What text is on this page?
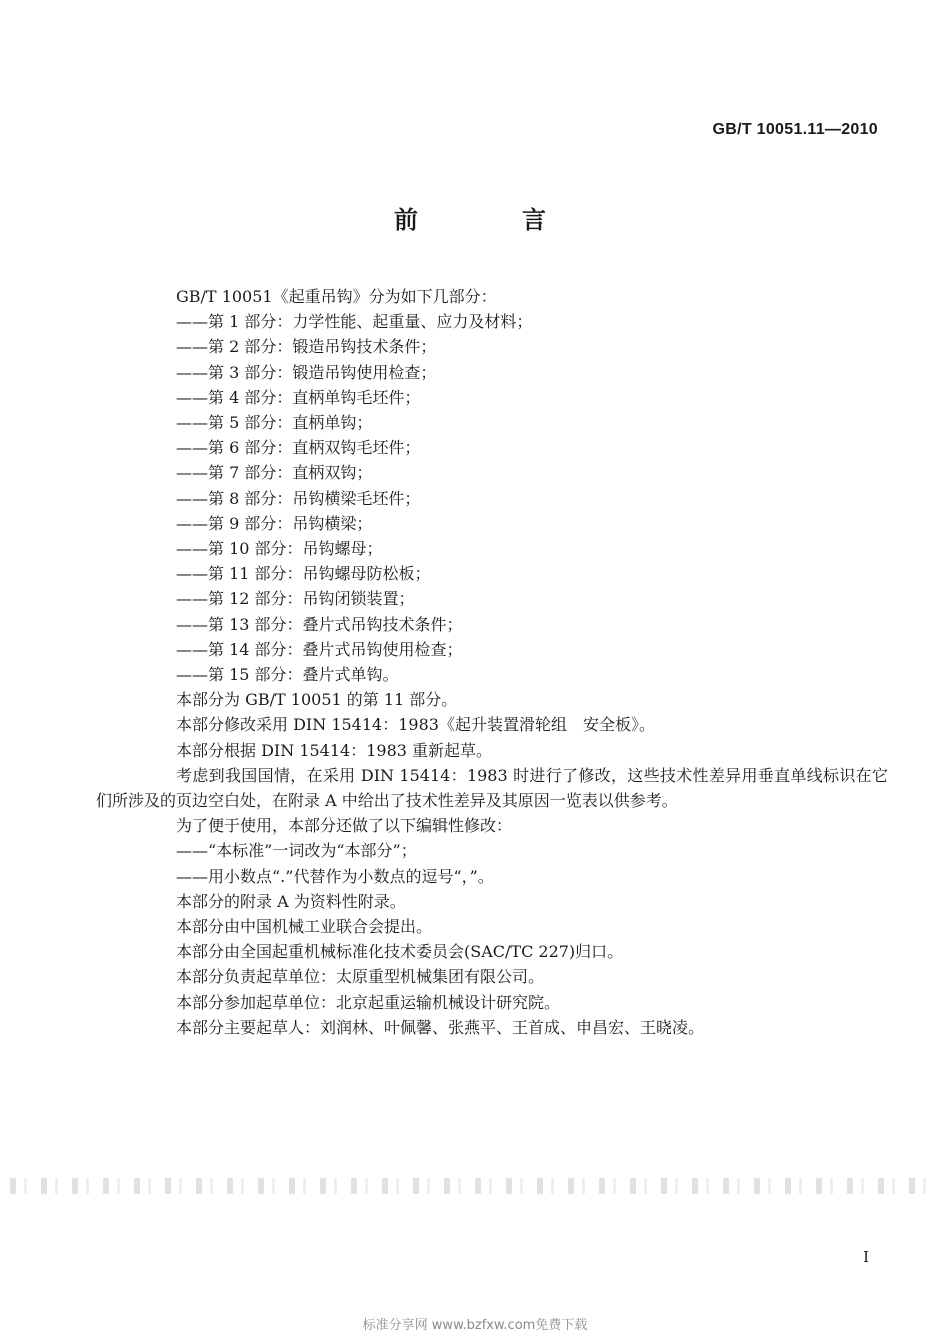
GB/T 10051.11—2010
前　言

GB/T 10051《起重吊钩》分为如下几部分：

——第 1 部分：力学性能、起重量、应力及材料；

——第 2 部分：锻造吊钩技术条件；

——第 3 部分：锻造吊钩使用检查；

——第 4 部分：直柄单钩毛坯件；

——第 5 部分：直柄单钩；

——第 6 部分：直柄双钩毛坯件；

——第 7 部分：直柄双钩；

——第 8 部分：吊钩横梁毛坯件；

——第 9 部分：吊钩横梁；

——第 10 部分：吊钩螺母；

——第 11 部分：吊钩螺母防松板；

——第 12 部分：吊钩闭锁装置；

——第 13 部分：叠片式吊钩技术条件；

——第 14 部分：叠片式吊钩使用检查；

——第 15 部分：叠片式单钩。

本部分为 GB/T 10051 的第 11 部分。

本部分修改采用 DIN 15414：1983《起升装置滑轮组　安全板》。

本部分根据 DIN 15414：1983 重新起草。

考虑到我国国情，在采用 DIN 15414：1983 时进行了修改，这些技术性差异用垂直单线标识在它们所涉及的页边空白处，在附录 A 中给出了技术性差异及其原因一览表以供参考。

为了便于使用，本部分还做了以下编辑性修改：

——“本标准”一词改为“本部分”；

——用小数点“.”代替作为小数点的逗号“，”。

本部分的附录 A 为资料性附录。

本部分由中国机械工业联合会提出。

本部分由全国起重机械标准化技术委员会(SAC/TC 227)归口。

本部分负责起草单位：太原重型机械集团有限公司。

本部分参加起草单位：北京起重运输机械设计研究院。

本部分主要起草人：刘润林、叶佩馨、张燕平、王首成、申昌宏、王晓凌。

I
标准分享网 www.bzfxw.com免费下载
